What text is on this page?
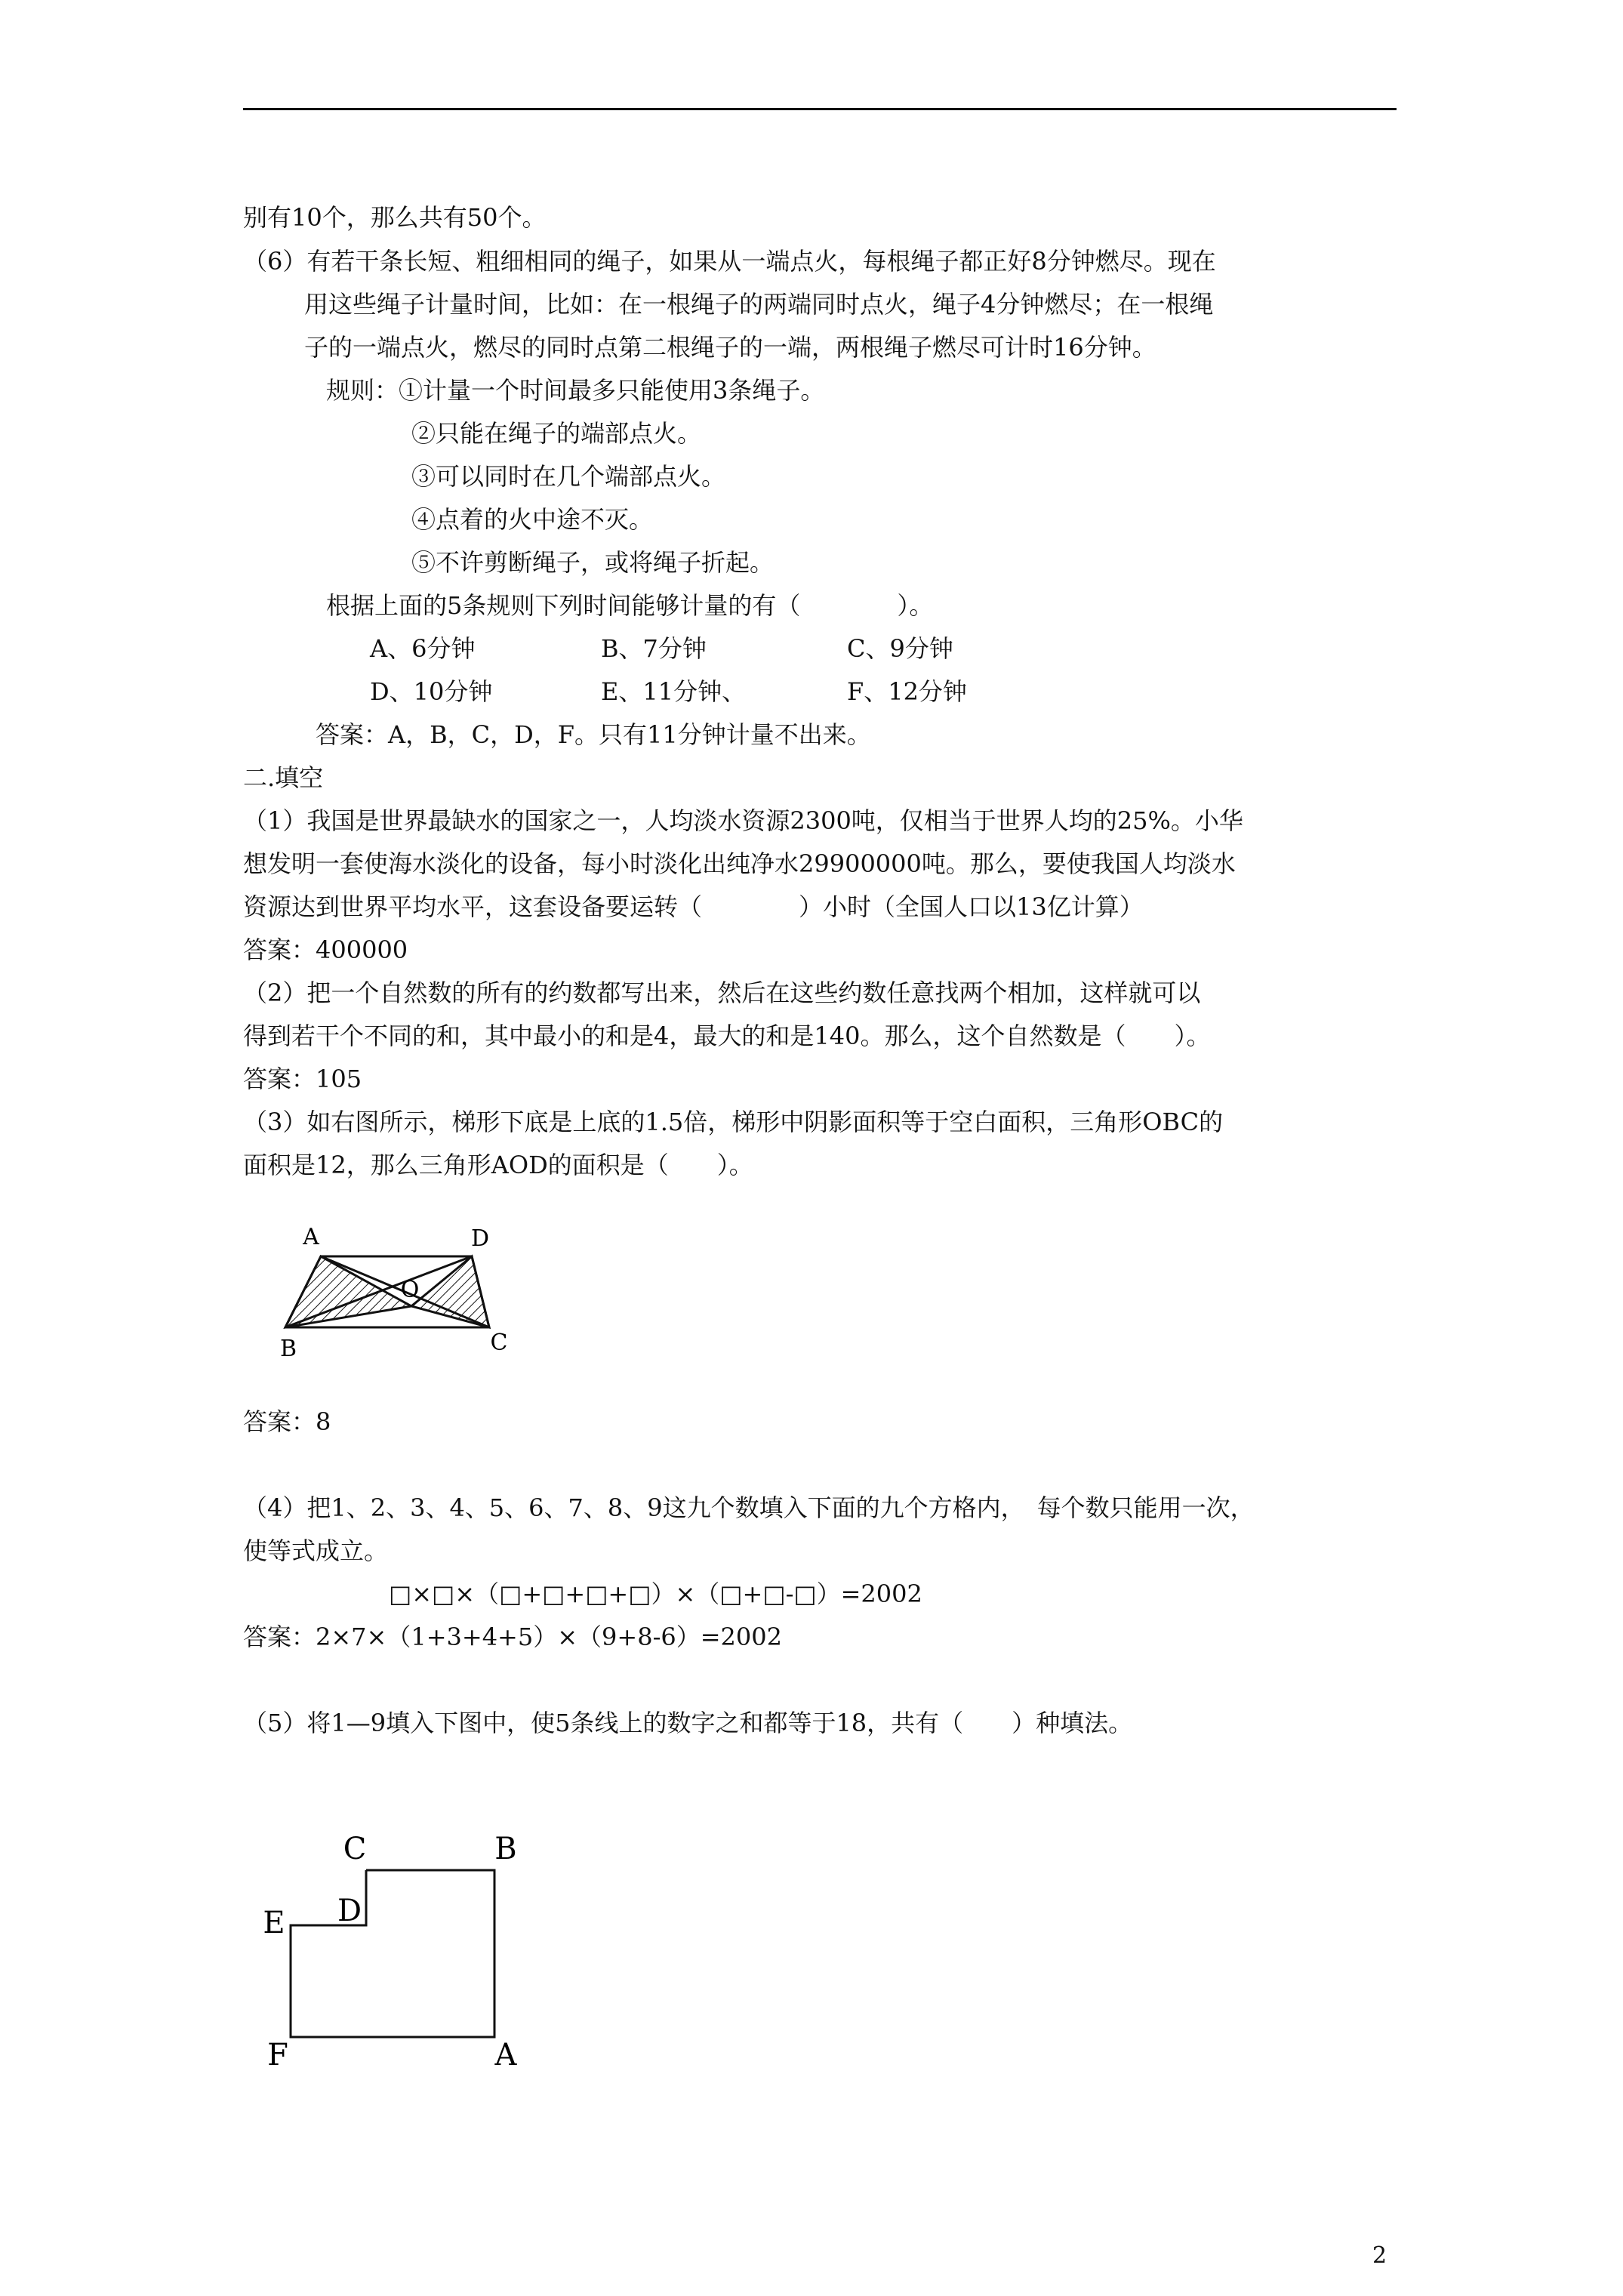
别有10个，那么共有50个。
（6）有若干条长短、粗细相同的绳子，如果从一端点火，每根绳子都正好8分钟燃尽。现在
用这些绳子计量时间，比如：在一根绳子的两端同时点火，绳子4分钟燃尽；在一根绳
子的一端点火，燃尽的同时点第二根绳子的一端，两根绳子燃尽可计时16分钟。
规则：①计量一个时间最多只能使用3条绳子。
②只能在绳子的端部点火。
③可以同时在几个端部点火。
④点着的火中途不灭。
⑤不许剪断绳子，或将绳子折起。
根据上面的5条规则下列时间能够计量的有（　　　　）。
A、6分钟	B、7分钟	C、9分钟
D、10分钟	E、11分钟、	F、12分钟
答案：A，B，C，D，F。只有11分钟计量不出来。
二.填空
（1）我国是世界最缺水的国家之一，人均淡水资源2300吨，仅相当于世界人均的25%。小华
想发明一套使海水淡化的设备，每小时淡化出纯净水29900000吨。那么，要使我国人均淡水
资源达到世界平均水平，这套设备要运转（　　　　）小时（全国人口以13亿计算）
答案：400000
（2）把一个自然数的所有的约数都写出来，然后在这些约数任意找两个相加，这样就可以
得到若干个不同的和，其中最小的和是4，最大的和是140。那么，这个自然数是（　　）。
答案：105
（3）如右图所示，梯形下底是上底的1.5倍，梯形中阴影面积等于空白面积，三角形OBC的
面积是12，那么三角形AOD的面积是（　　）。
A	D
O
B	C
答案：8
（4）把1、2、3、4、5、6、7、8、9这九个数填入下面的九个方格内，　每个数只能用一次，
使等式成立。
□×□×（□+□+□+□）×（□+□-□）=2002
答案：2×7×（1+3+4+5）×（9+8-6）=2002
（5）将1—9填入下图中，使5条线上的数字之和都等于18，共有（　　）种填法。
C	B
D
E
F	A
2
